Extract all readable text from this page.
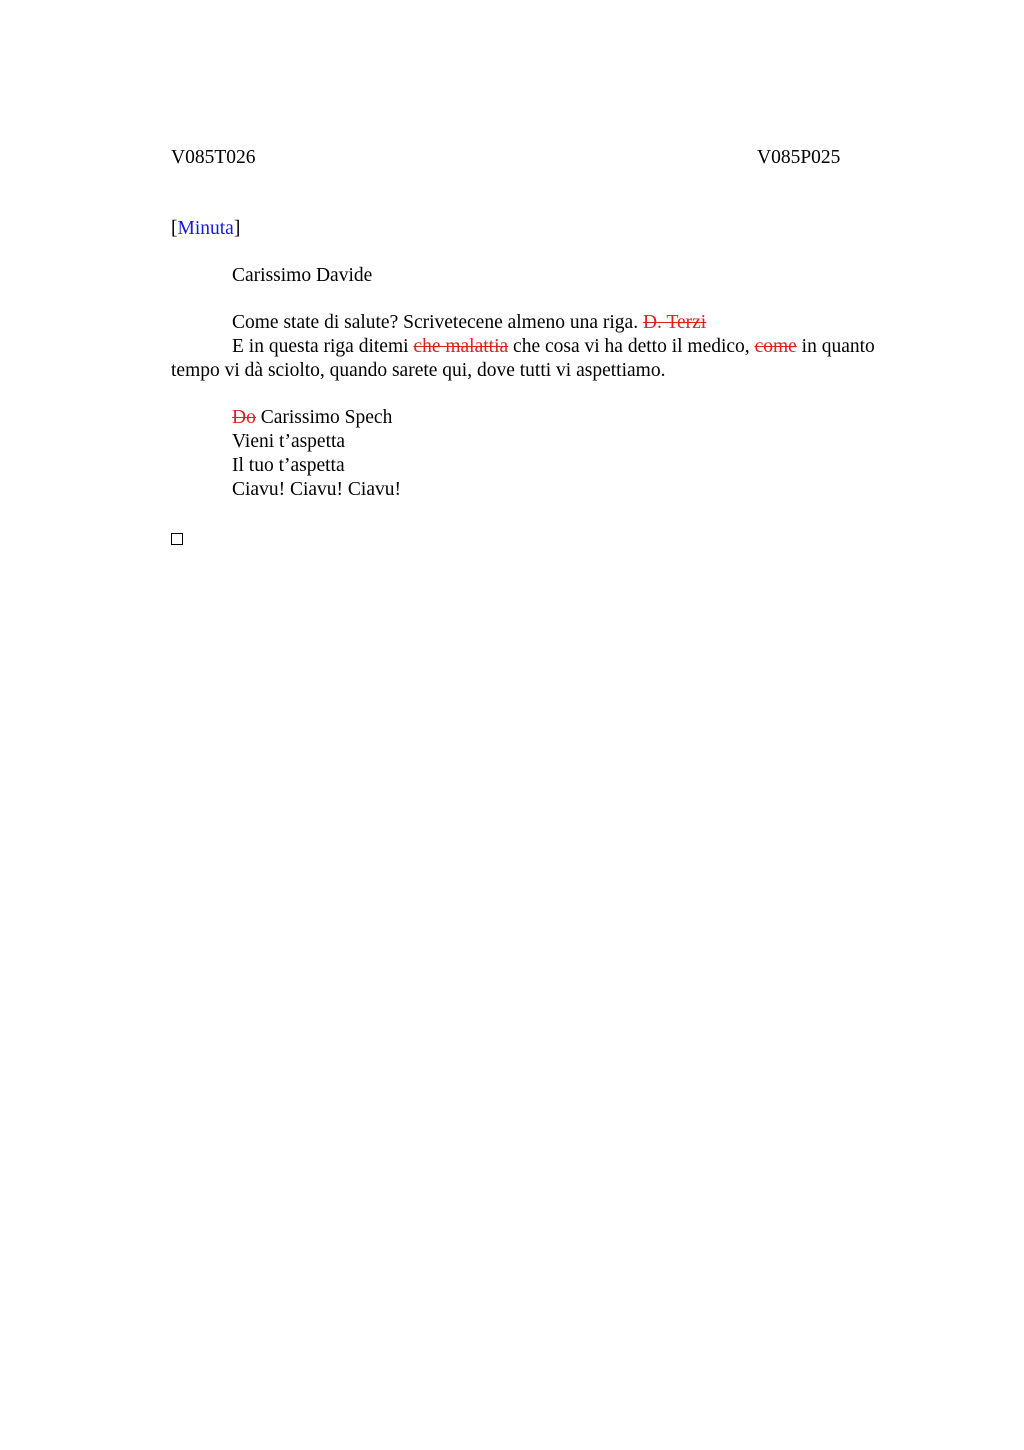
V085T026	V085P025

[Minuta]

Carissimo Davide

Come state di salute? Scrivetecene almeno una riga. D. Terzi

E in questa riga ditemi che malattia che cosa vi ha detto il medico, come in quanto tempo vi dà sciolto, quando sarete qui, dove tutti vi aspettiamo.

Do Carissimo Spech

Vieni t’aspetta

Il tuo t’aspetta

Ciavu! Ciavu! Ciavu!
